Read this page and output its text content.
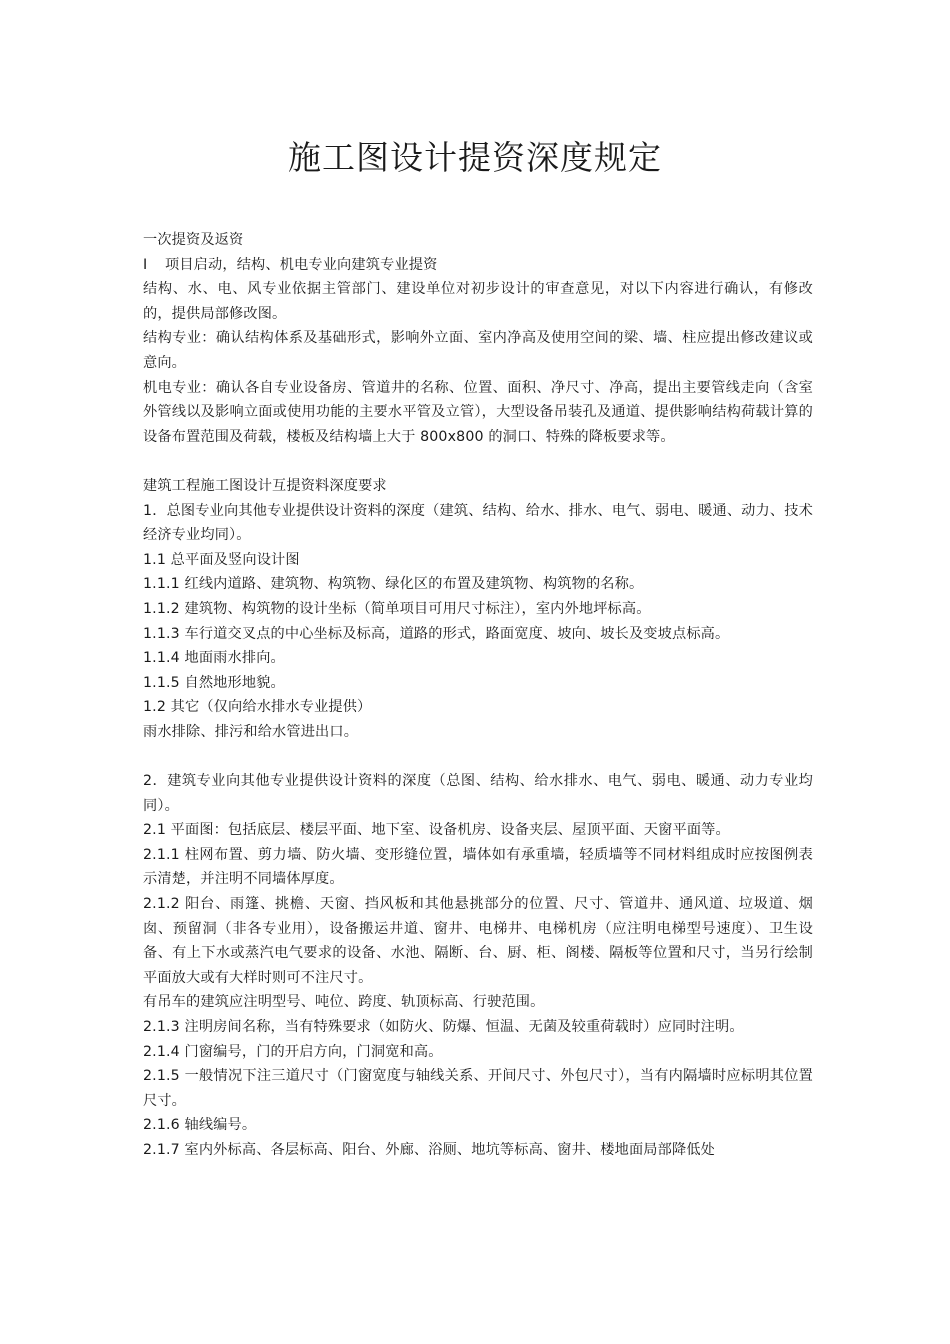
施工图设计提资深度规定

一次提资及返资

I 项目启动，结构、机电专业向建筑专业提资

结构、水、电、风专业依据主管部门、建设单位对初步设计的审查意见，对以下内容进行确认，有修改的，提供局部修改图。

结构专业：确认结构体系及基础形式，影响外立面、室内净高及使用空间的梁、墙、柱应提出修改建议或意向。

机电专业：确认各自专业设备房、管道井的名称、位置、面积、净尺寸、净高，提出主要管线走向（含室外管线以及影响立面或使用功能的主要水平管及立管），大型设备吊装孔及通道、提供影响结构荷载计算的设备布置范围及荷载，楼板及结构墙上大于 800x800 的洞口、特殊的降板要求等。

建筑工程施工图设计互提资料深度要求

1．总图专业向其他专业提供设计资料的深度（建筑、结构、给水、排水、电气、弱电、暖通、动力、技术经济专业均同）。

1.1 总平面及竖向设计图

1.1.1 红线内道路、建筑物、构筑物、绿化区的布置及建筑物、构筑物的名称。

1.1.2 建筑物、构筑物的设计坐标（简单项目可用尺寸标注），室内外地坪标高。

1.1.3 车行道交叉点的中心坐标及标高，道路的形式，路面宽度、坡向、坡长及变坡点标高。

1.1.4 地面雨水排向。

1.1.5 自然地形地貌。

1.2 其它（仅向给水排水专业提供）

雨水排除、排污和给水管进出口。

2．建筑专业向其他专业提供设计资料的深度（总图、结构、给水排水、电气、弱电、暖通、动力专业均同）。

2.1 平面图：包括底层、楼层平面、地下室、设备机房、设备夹层、屋顶平面、天窗平面等。

2.1.1 柱网布置、剪力墙、防火墙、变形缝位置，墙体如有承重墙，轻质墙等不同材料组成时应按图例表示清楚，并注明不同墙体厚度。

2.1.2 阳台、雨篷、挑檐、天窗、挡风板和其他悬挑部分的位置、尺寸、管道井、通风道、垃圾道、烟囱、预留洞（非各专业用），设备搬运井道、窗井、电梯井、电梯机房（应注明电梯型号速度）、卫生设备、有上下水或蒸汽电气要求的设备、水池、隔断、台、厨、柜、阁楼、隔板等位置和尺寸，当另行绘制平面放大或有大样时则可不注尺寸。

有吊车的建筑应注明型号、吨位、跨度、轨顶标高、行驶范围。

2.1.3 注明房间名称，当有特殊要求（如防火、防爆、恒温、无菌及较重荷载时）应同时注明。

2.1.4 门窗编号，门的开启方向，门洞宽和高。

2.1.5 一般情况下注三道尺寸（门窗宽度与轴线关系、开间尺寸、外包尺寸），当有内隔墙时应标明其位置尺寸。

2.1.6 轴线编号。

2.1.7 室内外标高、各层标高、阳台、外廊、浴厕、地坑等标高、窗井、楼地面局部降低处
